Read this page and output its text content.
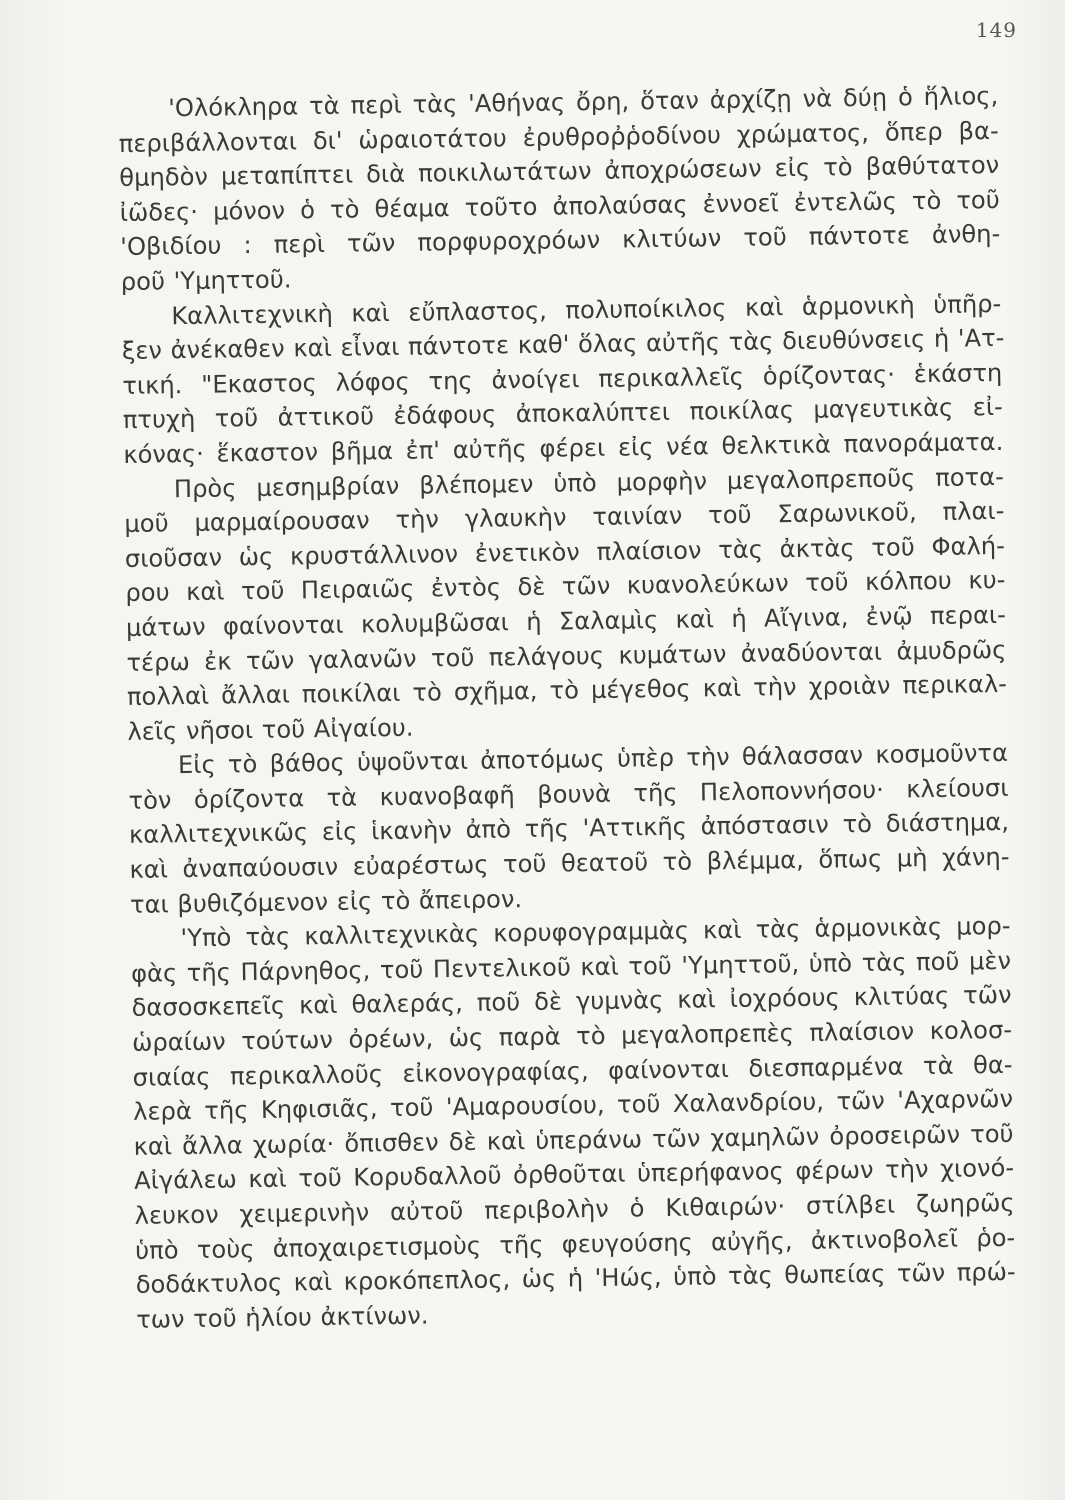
149
'Ολόκληρα τὰ περὶ τὰς 'Αθήνας ὄρη, ὅταν ἀρχίζῃ νὰ δύῃ ὁ ἥλιος,
περιβάλλονται δι' ὡραιοτάτου ἐρυθροῤῥοδίνου χρώματος, ὅπερ βα-
θμηδὸν μεταπίπτει διὰ ποικιλωτάτων ἀποχρώσεων εἰς τὸ βαθύτατον
ἰῶδες· μόνον ὁ τὸ θέαμα τοῦτο ἀπολαύσας ἐννοεῖ ἐντελῶς τὸ τοῦ
'Οβιδίου : περὶ τῶν πορφυροχρόων κλιτύων τοῦ πάντοτε ἀνθη-
ροῦ 'Υμηττοῦ.
Καλλιτεχνικὴ καὶ εὔπλαστος, πολυποίκιλος καὶ ἁρμονικὴ ὑπῆρ-
ξεν ἀνέκαθεν καὶ εἶναι πάντοτε καθ' ὅλας αὐτῆς τὰς διευθύνσεις ἡ 'Ατ-
τική. "Εκαστος λόφος της ἀνοίγει περικαλλεῖς ὁρίζοντας· ἑκάστη
πτυχὴ τοῦ ἀττικοῦ ἐδάφους ἀποκαλύπτει ποικίλας μαγευτικὰς εἰ-
κόνας· ἕκαστον βῆμα ἐπ' αὐτῆς φέρει εἰς νέα θελκτικὰ πανοράματα.
Πρὸς μεσημβρίαν βλέπομεν ὑπὸ μορφὴν μεγαλοπρεποῦς ποτα-
μοῦ μαρμαίρουσαν τὴν γλαυκὴν ταινίαν τοῦ Σαρωνικοῦ, πλαι-
σιοῦσαν ὡς κρυστάλλινον ἐνετικὸν πλαίσιον τὰς ἀκτὰς τοῦ Φαλή-
ρου καὶ τοῦ Πειραιῶς ἐντὸς δὲ τῶν κυανολεύκων τοῦ κόλπου κυ-
μάτων φαίνονται κολυμβῶσαι ἡ Σαλαμὶς καὶ ἡ Αἴγινα, ἐνῷ περαι-
τέρω ἐκ τῶν γαλανῶν τοῦ πελάγους κυμάτων ἀναδύονται ἀμυδρῶς
πολλαὶ ἄλλαι ποικίλαι τὸ σχῆμα, τὸ μέγεθος καὶ τὴν χροιὰν περικαλ-
λεῖς νῆσοι τοῦ Αἰγαίου.
Εἰς τὸ βάθος ὑψοῦνται ἀποτόμως ὑπὲρ τὴν θάλασσαν κοσμοῦντα
τὸν ὁρίζοντα τὰ κυανοβαφῆ βουνὰ τῆς Πελοποννήσου· κλείουσι
καλλιτεχνικῶς εἰς ἱκανὴν ἀπὸ τῆς 'Αττικῆς ἀπόστασιν τὸ διάστημα,
καὶ ἀναπαύουσιν εὐαρέστως τοῦ θεατοῦ τὸ βλέμμα, ὅπως μὴ χάνη-
ται βυθιζόμενον εἰς τὸ ἄπειρον.
'Υπὸ τὰς καλλιτεχνικὰς κορυφογραμμὰς καὶ τὰς ἁρμονικὰς μορ-
φὰς τῆς Πάρνηθος, τοῦ Πεντελικοῦ καὶ τοῦ 'Υμηττοῦ, ὑπὸ τὰς ποῦ μὲν
δασοσκεπεῖς καὶ θαλεράς, ποῦ δὲ γυμνὰς καὶ ἰοχρόους κλιτύας τῶν
ὡραίων τούτων ὀρέων, ὡς παρὰ τὸ μεγαλοπρεπὲς πλαίσιον κολοσ-
σιαίας περικαλλοῦς εἰκονογραφίας, φαίνονται διεσπαρμένα τὰ θα-
λερὰ τῆς Κηφισιᾶς, τοῦ 'Αμαρουσίου, τοῦ Χαλανδρίου, τῶν 'Αχαρνῶν
καὶ ἄλλα χωρία· ὄπισθεν δὲ καὶ ὑπεράνω τῶν χαμηλῶν ὀροσειρῶν τοῦ
Αἰγάλεω καὶ τοῦ Κορυδαλλοῦ ὀρθοῦται ὑπερήφανος φέρων τὴν χιονό-
λευκον χειμερινὴν αὐτοῦ περιβολὴν ὁ Κιθαιρών· στίλβει ζωηρῶς
ὑπὸ τοὺς ἀποχαιρετισμοὺς τῆς φευγούσης αὐγῆς, ἀκτινοβολεῖ ῥο-
δοδάκτυλος καὶ κροκόπεπλος, ὡς ἡ 'Ηώς, ὑπὸ τὰς θωπείας τῶν πρώ-
των τοῦ ἡλίου ἀκτίνων.
